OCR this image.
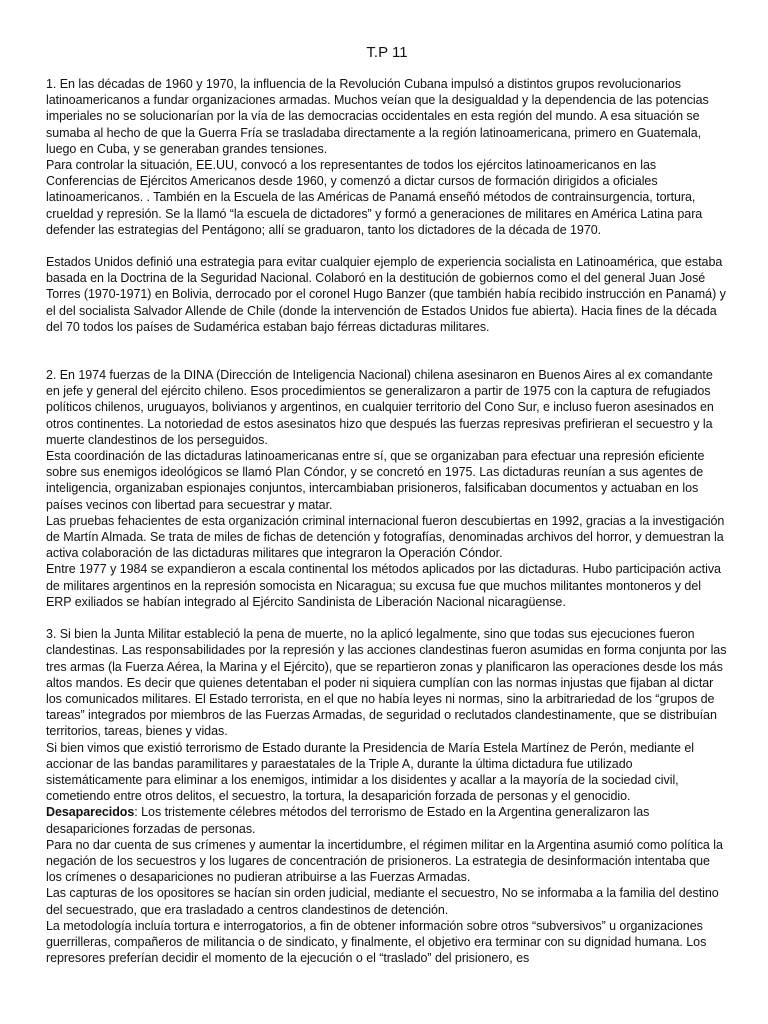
T.P 11

1. En las décadas de 1960 y 1970, la influencia de la Revolución Cubana impulsó a distintos grupos revolucionarios latinoamericanos a fundar organizaciones armadas. Muchos veían que la desigualdad y la dependencia de las potencias imperiales no se solucionarían por la vía de las democracias occidentales en esta región del mundo. A esa situación se sumaba al hecho de que la Guerra Fría se trasladaba directamente a la región latinoamericana, primero en Guatemala, luego en Cuba, y se generaban grandes tensiones.

Para controlar la situación, EE.UU, convocó a los representantes de todos los ejércitos latinoamericanos en las Conferencias de Ejércitos Americanos desde 1960, y comenzó a dictar cursos de formación dirigidos a oficiales latinoamericanos. . También en la Escuela de las Américas de Panamá enseñó métodos de contrainsurgencia, tortura, crueldad y represión. Se la llamó “la escuela de dictadores” y formó a generaciones de militares en América Latina para defender las estrategias del Pentágono; allí se graduaron, tanto los dictadores de la década de 1970.

Estados Unidos definió una estrategia para evitar cualquier ejemplo de experiencia socialista en Latinoamérica, que estaba basada en la Doctrina de la Seguridad Nacional. Colaboró en la destitución de gobiernos como el del general Juan José Torres (1970-1971) en Bolivia, derrocado por el coronel Hugo Banzer (que también había recibido instrucción en Panamá) y el del socialista Salvador Allende de Chile (donde la intervención de Estados Unidos fue abierta). Hacia fines de la década del 70 todos los países de Sudamérica estaban bajo férreas dictaduras militares.

2. En 1974 fuerzas de la DINA (Dirección de Inteligencia Nacional) chilena asesinaron en Buenos Aires al ex comandante en jefe y general del ejército chileno. Esos procedimientos se generalizaron a partir de 1975 con la captura de refugiados políticos chilenos, uruguayos, bolivianos y argentinos, en cualquier territorio del Cono Sur, e incluso fueron asesinados en otros continentes. La notoriedad de estos asesinatos hizo que después las fuerzas represivas prefirieran el secuestro y la muerte clandestinos de los perseguidos.

Esta coordinación de las dictaduras latinoamericanas entre sí, que se organizaban para efectuar una represión eficiente sobre sus enemigos ideológicos se llamó Plan Cóndor, y se concretó en 1975. Las dictaduras reunían a sus agentes de inteligencia, organizaban espionajes conjuntos, intercambiaban prisioneros, falsificaban documentos y actuaban en los países vecinos con libertad para secuestrar y matar.

Las pruebas fehacientes de esta organización criminal internacional fueron descubiertas en 1992, gracias a la investigación de Martín Almada. Se trata de miles de fichas de detención y fotografías, denominadas archivos del horror, y demuestran la activa colaboración de las dictaduras militares que integraron la Operación Cóndor.

Entre 1977 y 1984 se expandieron a escala continental los métodos aplicados por las dictaduras. Hubo participación activa de militares argentinos en la represión somocista en Nicaragua; su excusa fue que muchos militantes montoneros y del ERP exiliados se habían integrado al Ejército Sandinista de Liberación Nacional nicaragüense.

3. Si bien la Junta Militar estableció la pena de muerte, no la aplicó legalmente, sino que todas sus ejecuciones fueron clandestinas. Las responsabilidades por la represión y las acciones clandestinas fueron asumidas en forma conjunta por las tres armas (la Fuerza Aérea, la Marina y el Ejército), que se repartieron zonas y planificaron las operaciones desde los más altos mandos. Es decir que quienes detentaban el poder ni siquiera cumplían con las normas injustas que fijaban al dictar los comunicados militares. El Estado terrorista, en el que no había leyes ni normas, sino la arbitrariedad de los “grupos de tareas” integrados por miembros de las Fuerzas Armadas, de seguridad o reclutados clandestinamente, que se distribuían territorios, tareas, bienes y vidas.

Si bien vimos que existió terrorismo de Estado durante la Presidencia de María Estela Martínez de Perón, mediante el accionar de las bandas paramilitares y paraestatales de la Triple A, durante la última dictadura fue utilizado sistemáticamente para eliminar a los enemigos, intimidar a los disidentes y acallar a la mayoría de la sociedad civil, cometiendo entre otros delitos, el secuestro, la tortura, la desaparición forzada de personas y el genocidio.

Desaparecidos: Los tristemente célebres métodos del terrorismo de Estado en la Argentina generalizaron las desapariciones forzadas de personas.

Para no dar cuenta de sus crímenes y aumentar la incertidumbre, el régimen militar en la Argentina asumió como política la negación de los secuestros y los lugares de concentración de prisioneros. La estrategia de desinformación intentaba que los crímenes o desapariciones no pudieran atribuirse a las Fuerzas Armadas.

Las capturas de los opositores se hacían sin orden judicial, mediante el secuestro, No se informaba a la familia del destino del secuestrado, que era trasladado a centros clandestinos de detención.

La metodología incluía tortura e interrogatorios, a fin de obtener información sobre otros “subversivos” u organizaciones guerrilleras, compañeros de militancia o de sindicato, y finalmente, el objetivo era terminar con su dignidad humana. Los represores preferían decidir el momento de la ejecución o el “traslado” del prisionero, es
